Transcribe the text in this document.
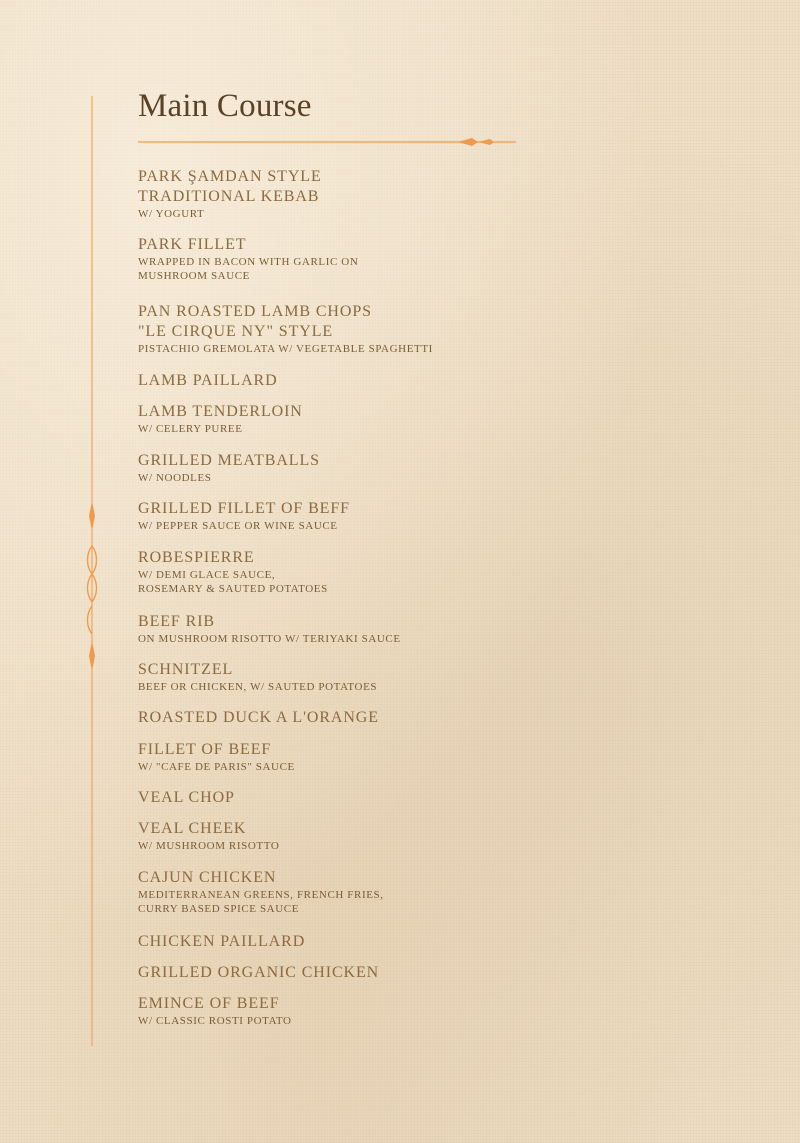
Main Course
PARK ŞAMDAN STYLE
TRADITIONAL KEBAB
W/ YOGURT
PARK FILLET
WRAPPED IN BACON WITH GARLIC ON
MUSHROOM SAUCE
PAN ROASTED LAMB CHOPS
"LE CIRQUE NY" STYLE
PISTACHIO GREMOLATA W/ VEGETABLE SPAGHETTI
LAMB PAILLARD
LAMB TENDERLOIN
W/ CELERY PUREE
GRILLED MEATBALLS
W/ NOODLES
GRILLED FILLET OF BEFF
W/ PEPPER SAUCE OR WINE SAUCE
ROBESPIERRE
W/ DEMI GLACE SAUCE,
ROSEMARY & SAUTED POTATOES
BEEF RIB
ON MUSHROOM RISOTTO W/ TERIYAKI SAUCE
SCHNITZEL
BEEF OR CHICKEN, W/ SAUTED POTATOES
ROASTED DUCK A L'ORANGE
FILLET OF BEEF
W/ "CAFE DE PARIS" SAUCE
VEAL CHOP
VEAL CHEEK
W/ MUSHROOM RISOTTO
CAJUN CHICKEN
MEDITERRANEAN GREENS, FRENCH FRIES,
CURRY BASED SPICE SAUCE
CHICKEN PAILLARD
GRILLED ORGANIC CHICKEN
EMINCE OF BEEF
W/ CLASSIC ROSTI POTATO
